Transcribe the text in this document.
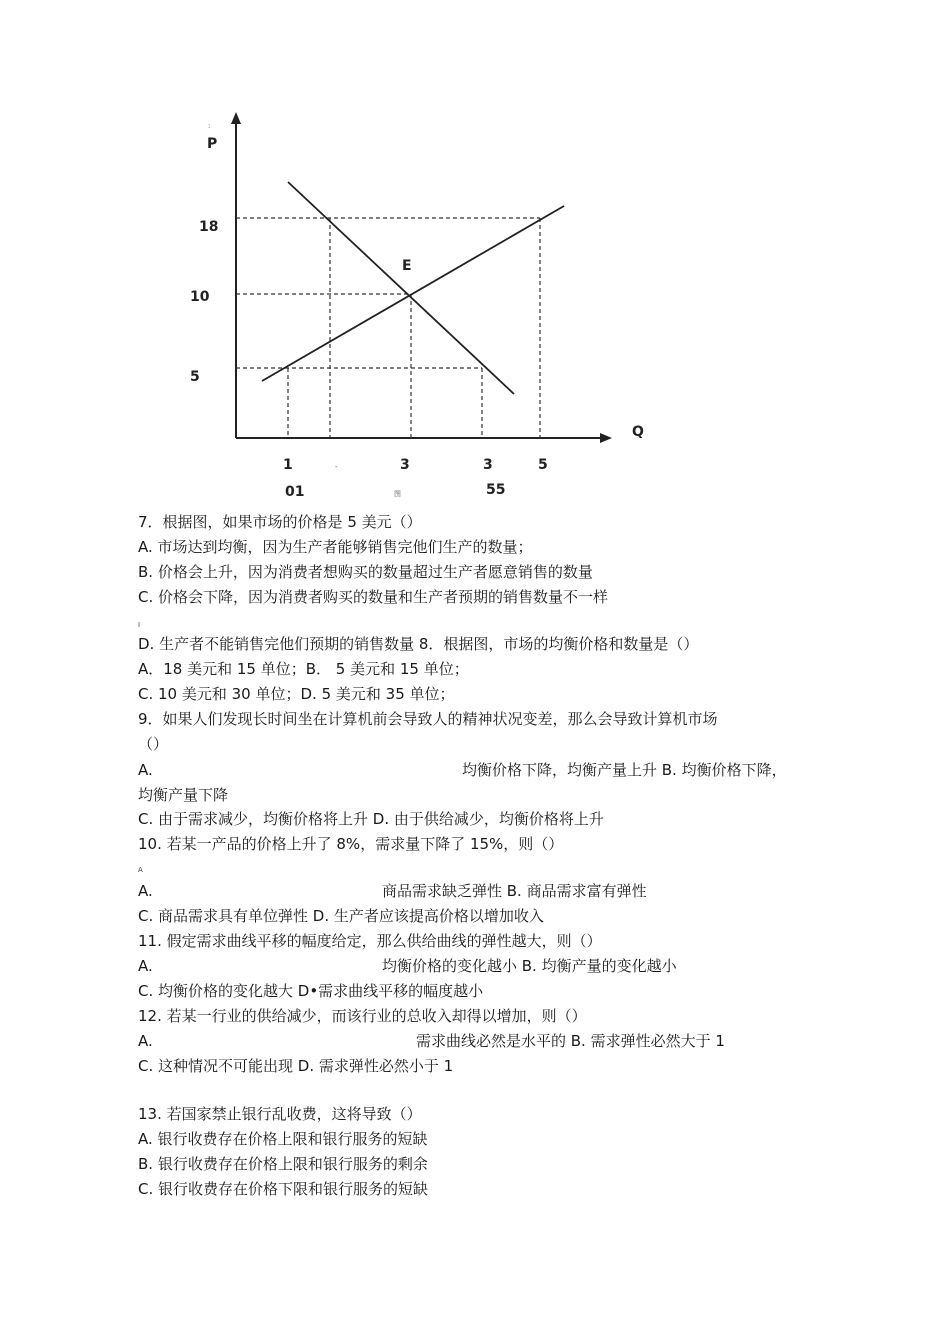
:
P
Q
E
18
10
5
1	-	3	3	5
01	55
图
7．根据图，如果市场的价格是 5 美元（）
A. 市场达到均衡，因为生产者能够销售完他们生产的数量；
B. 价格会上升，因为消费者想购买的数量超过生产者愿意销售的数量
C. 价格会下降，因为消费者购买的数量和生产者预期的销售数量不一样
I
D. 生产者不能销售完他们预期的销售数量 8．根据图，市场的均衡价格和数量是（）
A．18 美元和 15 单位；B． 5 美元和 15 单位；
C. 10 美元和 30 单位；D. 5 美元和 35 单位；
9．如果人们发现长时间坐在计算机前会导致人的精神状况变差，那么会导致计算机市场
（）
A.	均衡价格下降，均衡产量上升 B. 均衡价格下降，
均衡产量下降
C. 由于需求减少，均衡价格将上升 D. 由于供给减少，均衡价格将上升
10. 若某一产品的价格上升了 8%，需求量下降了 15%，则（）
A
A.	商品需求缺乏弹性 B. 商品需求富有弹性
C. 商品需求具有单位弹性 D. 生产者应该提高价格以增加收入
11. 假定需求曲线平移的幅度给定，那么供给曲线的弹性越大，则（）
A.	均衡价格的变化越小 B. 均衡产量的变化越小
C. 均衡价格的变化越大 D•需求曲线平移的幅度越小
12. 若某一行业的供给减少，而该行业的总收入却得以增加，则（）
A.	需求曲线必然是水平的 B. 需求弹性必然大于 1
C. 这种情况不可能出现 D. 需求弹性必然小于 1
13. 若国家禁止银行乱收费，这将导致（）
A. 银行收费存在价格上限和银行服务的短缺
B. 银行收费存在价格上限和银行服务的剩余
C. 银行收费存在价格下限和银行服务的短缺
